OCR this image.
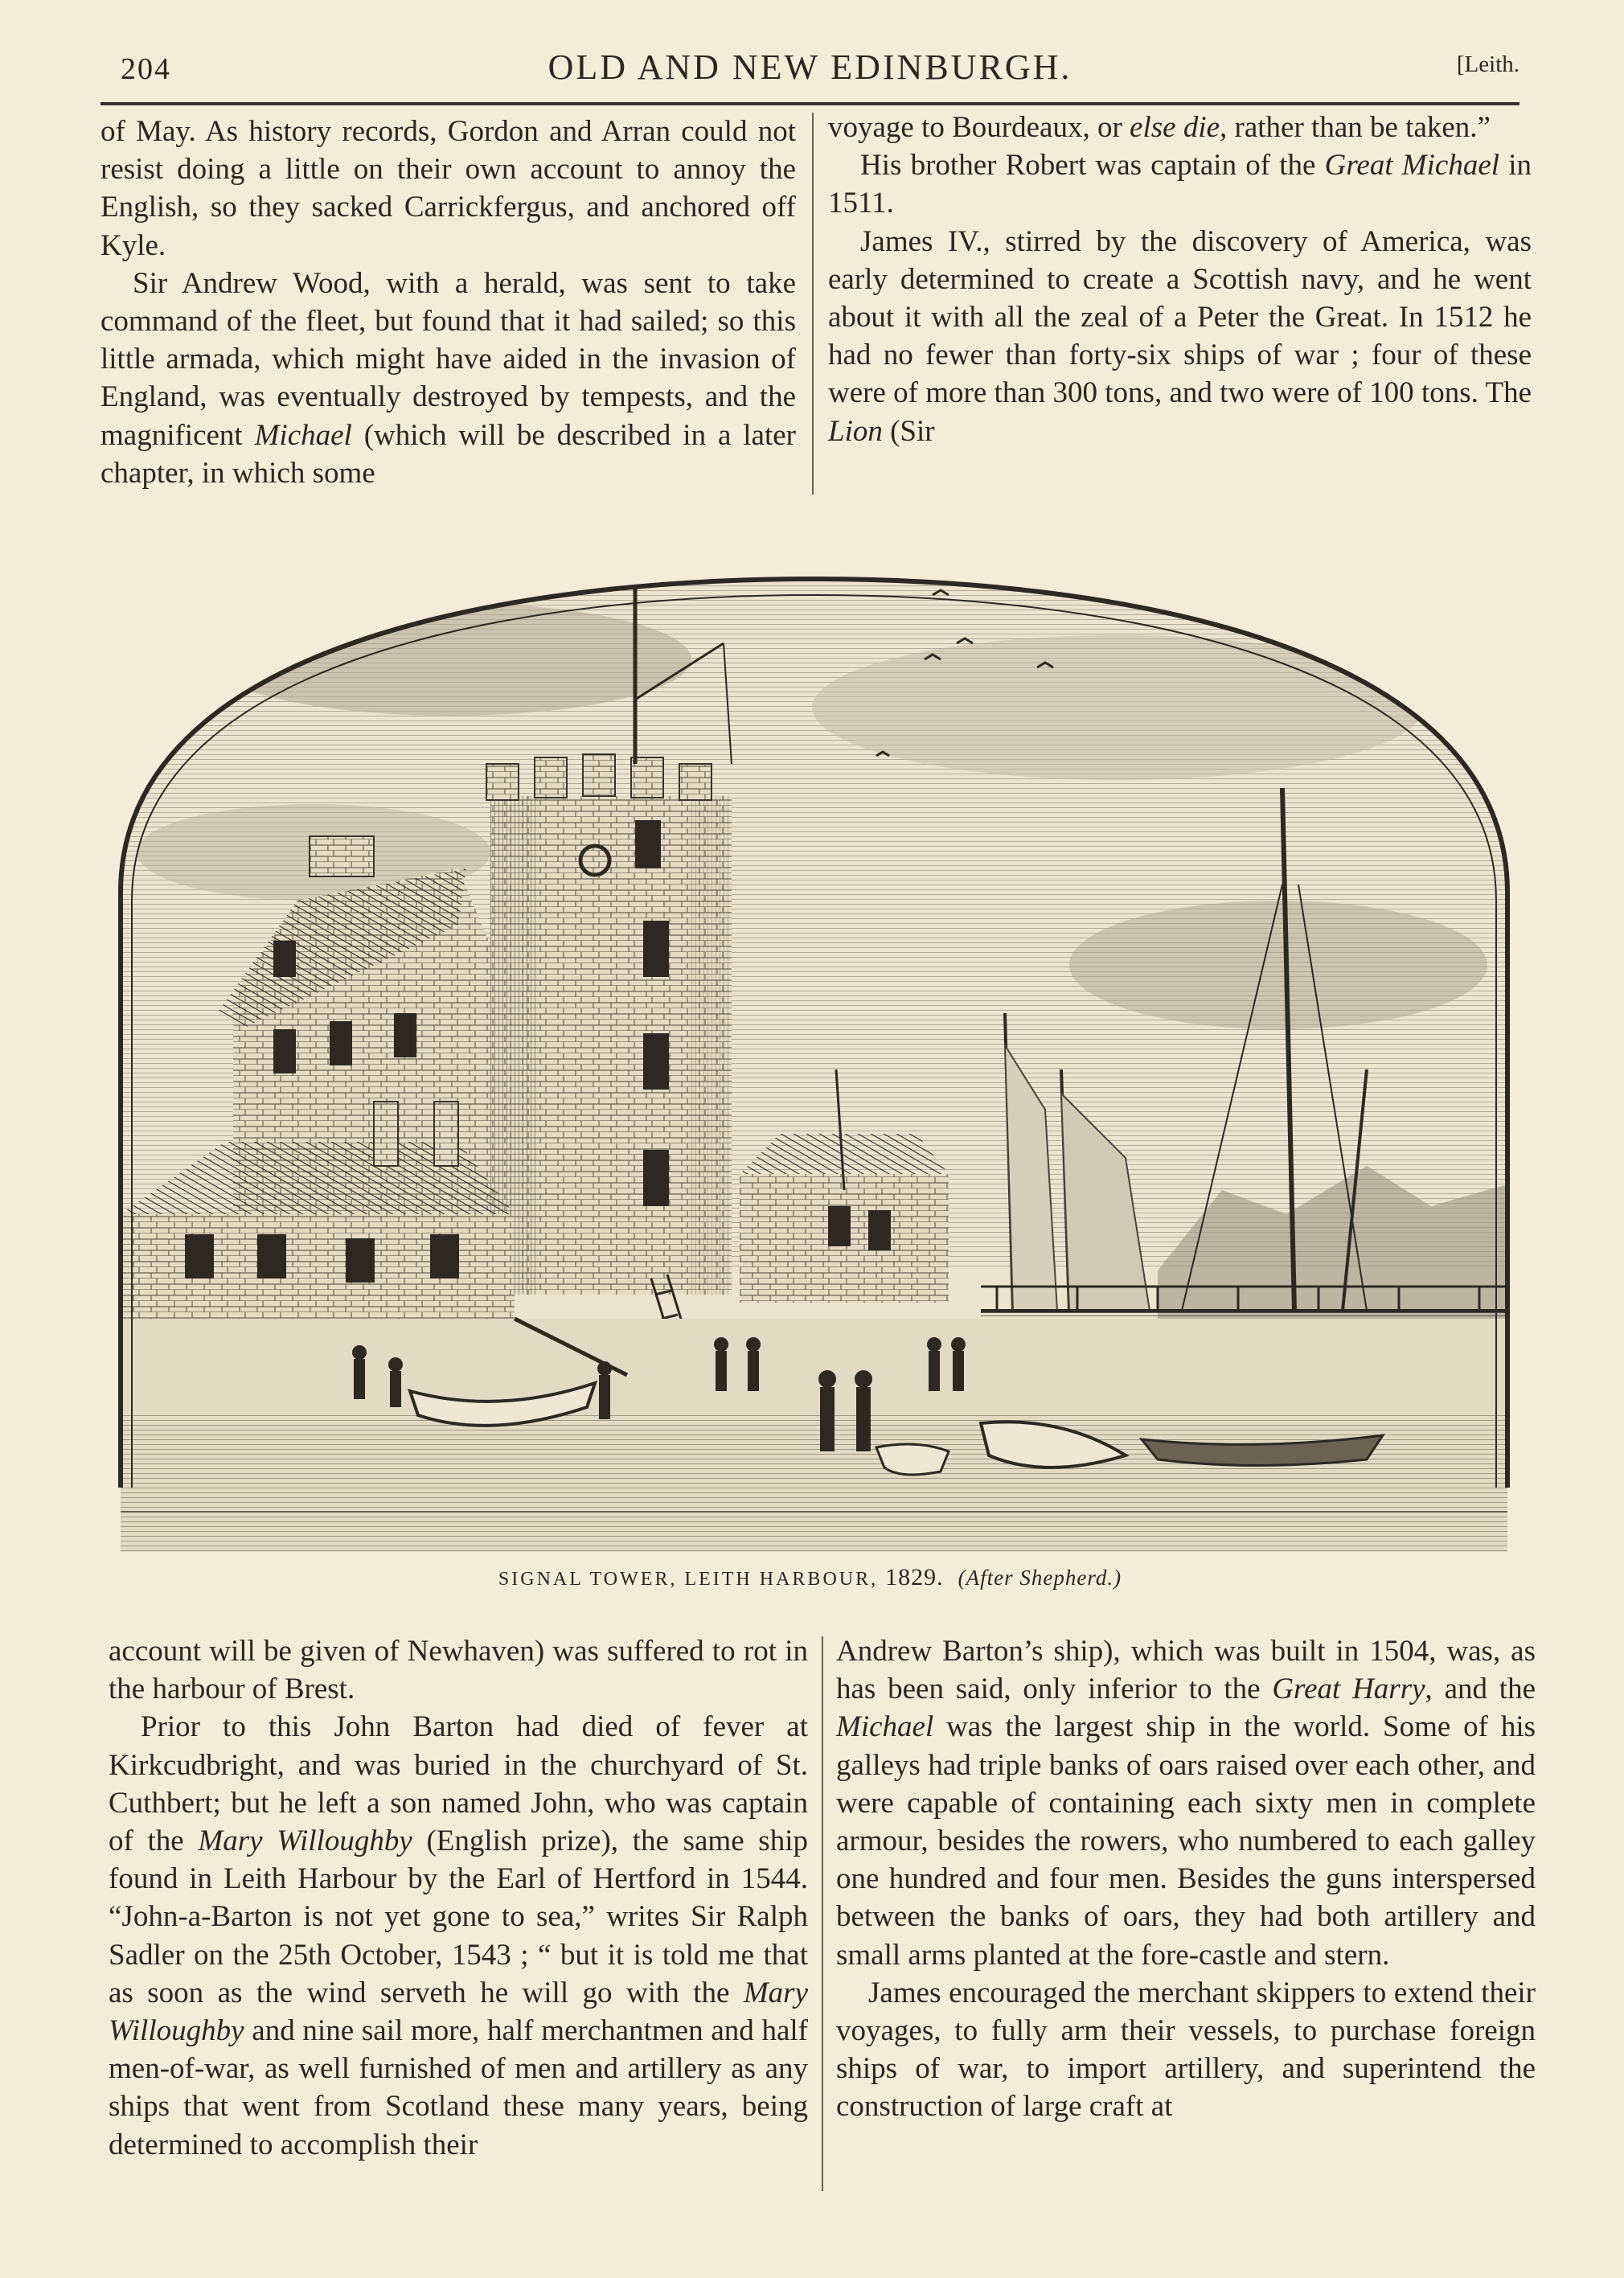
204	OLD AND NEW EDINBURGH.	[Leith.

of May. As history records, Gordon and Arran could not resist doing a little on their own account to annoy the English, so they sacked Carrickfergus, and anchored off Kyle.

Sir Andrew Wood, with a herald, was sent to take command of the fleet, but found that it had sailed; so this little armada, which might have aided in the invasion of England, was eventually destroyed by tempests, and the magnificent Michael (which will be described in a later chapter, in which some

voyage to Bourdeaux, or else die, rather than be taken.”

His brother Robert was captain of the Great Michael in 1511.

James IV., stirred by the discovery of America, was early determined to create a Scottish navy, and he went about it with all the zeal of a Peter the Great. In 1512 he had no fewer than forty-six ships of war ; four of these were of more than 300 tons, and two were of 100 tons. The Lion (Sir

SIGNAL TOWER, LEITH HARBOUR, 1829. (After Shepherd.)

account will be given of Newhaven) was suffered to rot in the harbour of Brest.

Prior to this John Barton had died of fever at Kirkcudbright, and was buried in the churchyard of St. Cuthbert; but he left a son named John, who was captain of the Mary Willoughby (English prize), the same ship found in Leith Harbour by the Earl of Hertford in 1544. “John-a-Barton is not yet gone to sea,” writes Sir Ralph Sadler on the 25th October, 1543 ; “ but it is told me that as soon as the wind serveth he will go with the Mary Willoughby and nine sail more, half merchantmen and half men-of-war, as well furnished of men and artillery as any ships that went from Scotland these many years, being determined to accomplish their

Andrew Barton’s ship), which was built in 1504, was, as has been said, only inferior to the Great Harry, and the Michael was the largest ship in the world. Some of his galleys had triple banks of oars raised over each other, and were capable of containing each sixty men in complete armour, besides the rowers, who numbered to each galley one hundred and four men. Besides the guns interspersed between the banks of oars, they had both artillery and small arms planted at the fore-castle and stern.

James encouraged the merchant skippers to extend their voyages, to fully arm their vessels, to purchase foreign ships of war, to import artillery, and superintend the construction of large craft at
